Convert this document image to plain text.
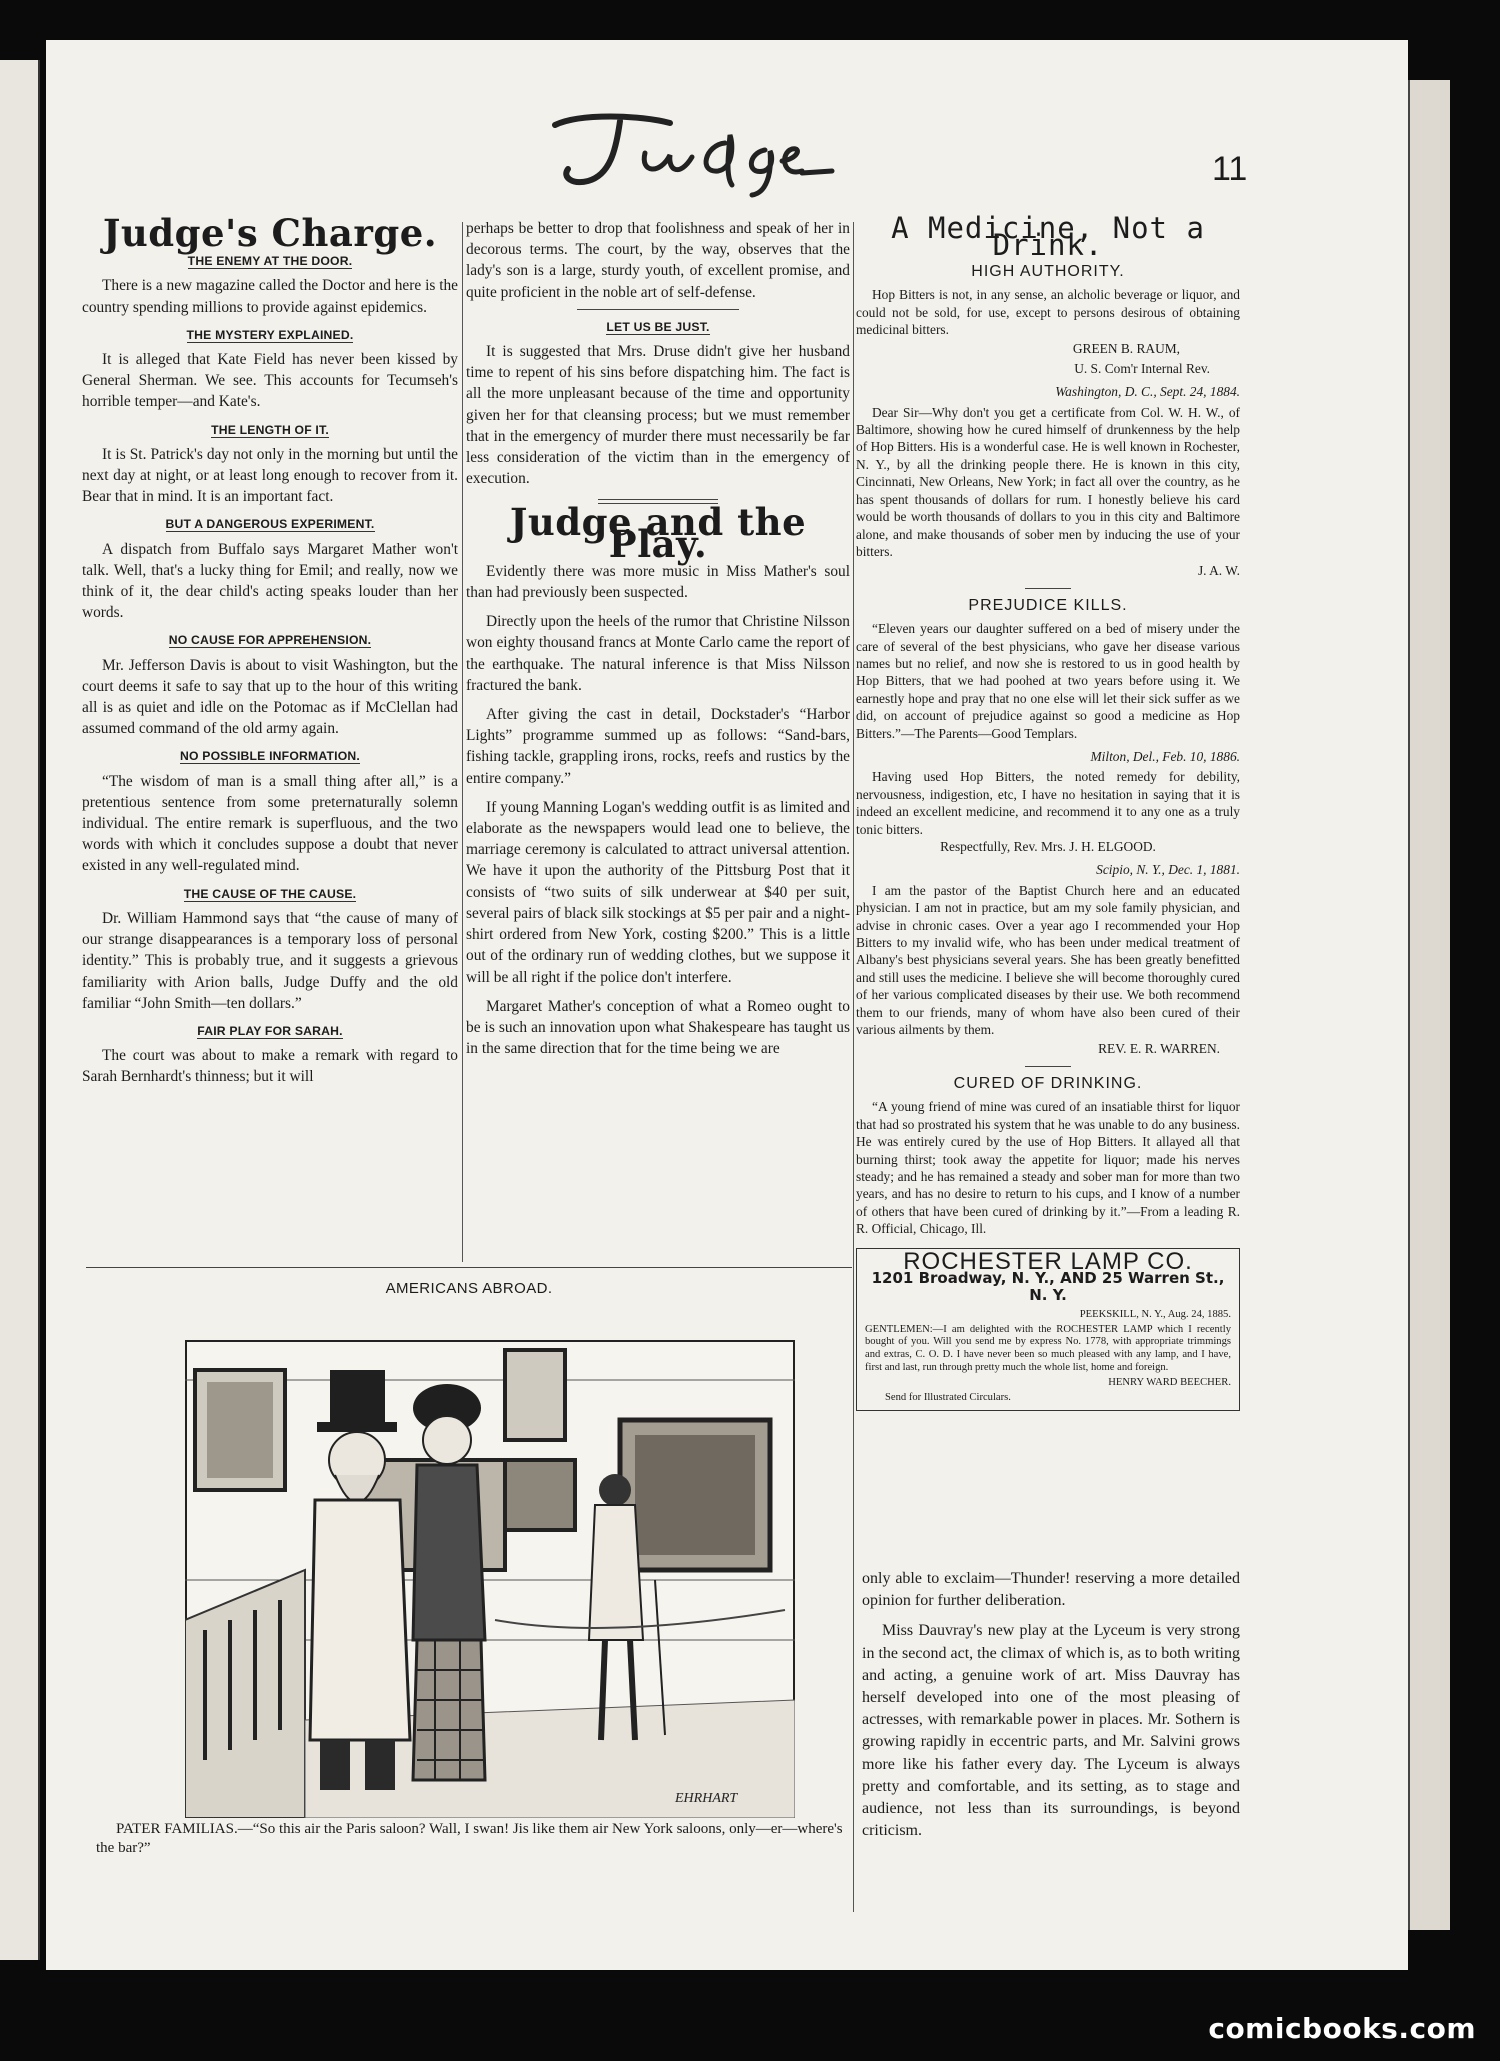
11
Judge's Charge.
THE ENEMY AT THE DOOR.

There is a new magazine called the Doctor and here is the country spending millions to provide against epidemics.

THE MYSTERY EXPLAINED.

It is alleged that Kate Field has never been kissed by General Sherman. We see. This accounts for Tecumseh's horrible temper—and Kate's.

THE LENGTH OF IT.

It is St. Patrick's day not only in the morning but until the next day at night, or at least long enough to recover from it. Bear that in mind. It is an important fact.

BUT A DANGEROUS EXPERIMENT.

A dispatch from Buffalo says Margaret Mather won't talk. Well, that's a lucky thing for Emil; and really, now we think of it, the dear child's acting speaks louder than her words.

NO CAUSE FOR APPREHENSION.

Mr. Jefferson Davis is about to visit Washington, but the court deems it safe to say that up to the hour of this writing all is as quiet and idle on the Potomac as if McClellan had assumed command of the old army again.

NO POSSIBLE INFORMATION.

“The wisdom of man is a small thing after all,” is a pretentious sentence from some preternaturally solemn individual. The entire remark is superfluous, and the two words with which it concludes suppose a doubt that never existed in any well-regulated mind.

THE CAUSE OF THE CAUSE.

Dr. William Hammond says that “the cause of many of our strange disappearances is a temporary loss of personal identity.” This is probably true, and it suggests a grievous familiarity with Arion balls, Judge Duffy and the old familiar “John Smith—ten dollars.”

FAIR PLAY FOR SARAH.

The court was about to make a remark with regard to Sarah Bernhardt's thinness; but it will

perhaps be better to drop that foolishness and speak of her in decorous terms. The court, by the way, observes that the lady's son is a large, sturdy youth, of excellent promise, and quite proficient in the noble art of self-defense.

LET US BE JUST.

It is suggested that Mrs. Druse didn't give her husband time to repent of his sins before dispatching him. The fact is all the more unpleasant because of the time and opportunity given her for that cleansing process; but we must remember that in the emergency of murder there must necessarily be far less consideration of the victim than in the emergency of execution.

Judge and the Play.

Evidently there was more music in Miss Mather's soul than had previously been suspected.

Directly upon the heels of the rumor that Christine Nilsson won eighty thousand francs at Monte Carlo came the report of the earthquake. The natural inference is that Miss Nilsson fractured the bank.

After giving the cast in detail, Dockstader's “Harbor Lights” programme summed up as follows: “Sand-bars, fishing tackle, grappling irons, rocks, reefs and rustics by the entire company.”

If young Manning Logan's wedding outfit is as limited and elaborate as the newspapers would lead one to believe, the marriage ceremony is calculated to attract universal attention. We have it upon the authority of the Pittsburg Post that it consists of “two suits of silk underwear at $40 per suit, several pairs of black silk stockings at $5 per pair and a night-shirt ordered from New York, costing $200.” This is a little out of the ordinary run of wedding clothes, but we suppose it will be all right if the police don't interfere.

Margaret Mather's conception of what a Romeo ought to be is such an innovation upon what Shakespeare has taught us in the same direction that for the time being we are

A Medicine, Not a Drink.
HIGH AUTHORITY.

Hop Bitters is not, in any sense, an alcholic beverage or liquor, and could not be sold, for use, except to persons desirous of obtaining medicinal bitters.

GREEN B. RAUM,
U. S. Com'r Internal Rev.
Washington, D. C., Sept. 24, 1884.

Dear Sir—Why don't you get a certificate from Col. W. H. W., of Baltimore, showing how he cured himself of drunkenness by the help of Hop Bitters. His is a wonderful case. He is well known in Rochester, N. Y., by all the drinking people there. He is known in this city, Cincinnati, New Orleans, New York; in fact all over the country, as he has spent thousands of dollars for rum. I honestly believe his card would be worth thousands of dollars to you in this city and Baltimore alone, and make thousands of sober men by inducing the use of your bitters.

J. A. W.
PREJUDICE KILLS.

“Eleven years our daughter suffered on a bed of misery under the care of several of the best physicians, who gave her disease various names but no relief, and now she is restored to us in good health by Hop Bitters, that we had poohed at two years before using it. We earnestly hope and pray that no one else will let their sick suffer as we did, on account of prejudice against so good a medicine as Hop Bitters.”—The Parents—Good Templars.

Milton, Del., Feb. 10, 1886.

Having used Hop Bitters, the noted remedy for debility, nervousness, indigestion, etc, I have no hesitation in saying that it is indeed an excellent medicine, and recommend it to any one as a truly tonic bitters.

Respectfully, Rev. Mrs. J. H. ELGOOD.
Scipio, N. Y., Dec. 1, 1881.

I am the pastor of the Baptist Church here and an educated physician. I am not in practice, but am my sole family physician, and advise in chronic cases. Over a year ago I recommended your Hop Bitters to my invalid wife, who has been under medical treatment of Albany's best physicians several years. She has been greatly benefitted and still uses the medicine. I believe she will become thoroughly cured of her various complicated diseases by their use. We both recommend them to our friends, many of whom have also been cured of their various ailments by them.

REV. E. R. WARREN.
CURED OF DRINKING.

“A young friend of mine was cured of an insatiable thirst for liquor that had so prostrated his system that he was unable to do any business. He was entirely cured by the use of Hop Bitters. It allayed all that burning thirst; took away the appetite for liquor; made his nerves steady; and he has remained a steady and sober man for more than two years, and has no desire to return to his cups, and I know of a number of others that have been cured of drinking by it.”—From a leading R. R. Official, Chicago, Ill.

ROCHESTER LAMP CO.
1201 Broadway, N. Y., AND 25 Warren St., N. Y.
PEEKSKILL, N. Y., Aug. 24, 1885.
GENTLEMEN:—I am delighted with the ROCHESTER LAMP which I recently bought of you. Will you send me by express No. 1778, with appropriate trimmings and extras, C. O. D. I have never been so much pleased with any lamp, and I have, first and last, run through pretty much the whole list, home and foreign.
HENRY WARD BEECHER.
Send for Illustrated Circulars.

only able to exclaim—Thunder! reserving a more detailed opinion for further deliberation.

Miss Dauvray's new play at the Lyceum is very strong in the second act, the climax of which is, as to both writing and acting, a genuine work of art. Miss Dauvray has herself developed into one of the most pleasing of actresses, with remarkable power in places. Mr. Sothern is growing rapidly in eccentric parts, and Mr. Salvini grows more like his father every day. The Lyceum is always pretty and comfortable, and its setting, as to stage and audience, not less than its surroundings, is beyond criticism.

AMERICANS ABROAD.
EHRHART
PATER FAMILIAS.—“So this air the Paris saloon? Wall, I swan! Jis like them air New York saloons, only—er—where's the bar?”
comicbooks.com
